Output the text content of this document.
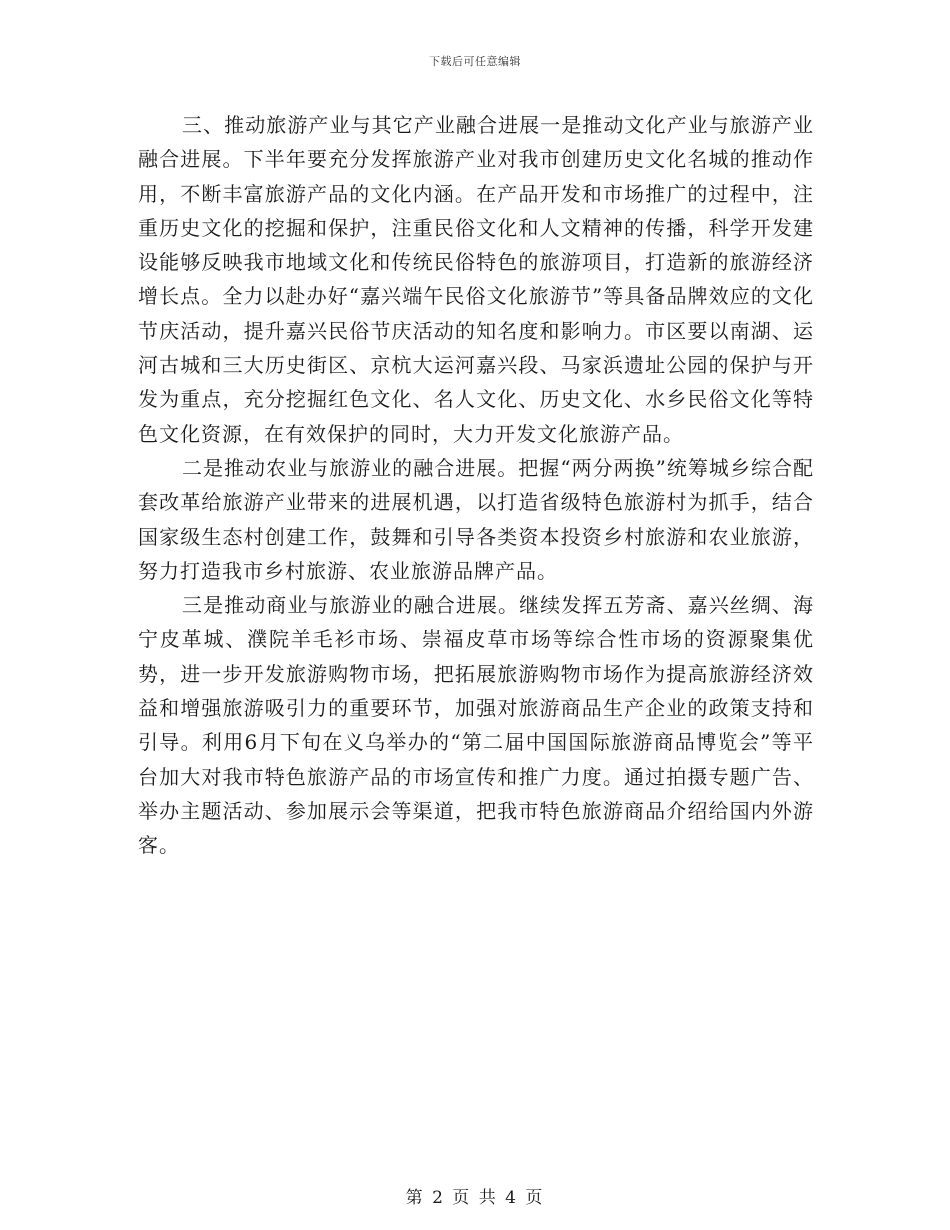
下载后可任意编辑

三、推动旅游产业与其它产业融合进展一是推动文化产业与旅游产业融合进展。下半年要充分发挥旅游产业对我市创建历史文化名城的推动作用，不断丰富旅游产品的文化内涵。在产品开发和市场推广的过程中，注重历史文化的挖掘和保护，注重民俗文化和人文精神的传播，科学开发建设能够反映我市地域文化和传统民俗特色的旅游项目，打造新的旅游经济增长点。全力以赴办好“嘉兴端午民俗文化旅游节”等具备品牌效应的文化节庆活动，提升嘉兴民俗节庆活动的知名度和影响力。市区要以南湖、运河古城和三大历史街区、京杭大运河嘉兴段、马家浜遗址公园的保护与开发为重点，充分挖掘红色文化、名人文化、历史文化、水乡民俗文化等特色文化资源，在有效保护的同时，大力开发文化旅游产品。

二是推动农业与旅游业的融合进展。把握“两分两换”统筹城乡综合配套改革给旅游产业带来的进展机遇，以打造省级特色旅游村为抓手，结合国家级生态村创建工作，鼓舞和引导各类资本投资乡村旅游和农业旅游，努力打造我市乡村旅游、农业旅游品牌产品。

三是推动商业与旅游业的融合进展。继续发挥五芳斋、嘉兴丝绸、海宁皮革城、濮院羊毛衫市场、崇福皮草市场等综合性市场的资源聚集优势，进一步开发旅游购物市场，把拓展旅游购物市场作为提高旅游经济效益和增强旅游吸引力的重要环节，加强对旅游商品生产企业的政策支持和引导。利用6月下旬在义乌举办的“第二届中国国际旅游商品博览会”等平台加大对我市特色旅游产品的市场宣传和推广力度。通过拍摄专题广告、举办主题活动、参加展示会等渠道，把我市特色旅游商品介绍给国内外游客。

第 2 页 共 4 页
